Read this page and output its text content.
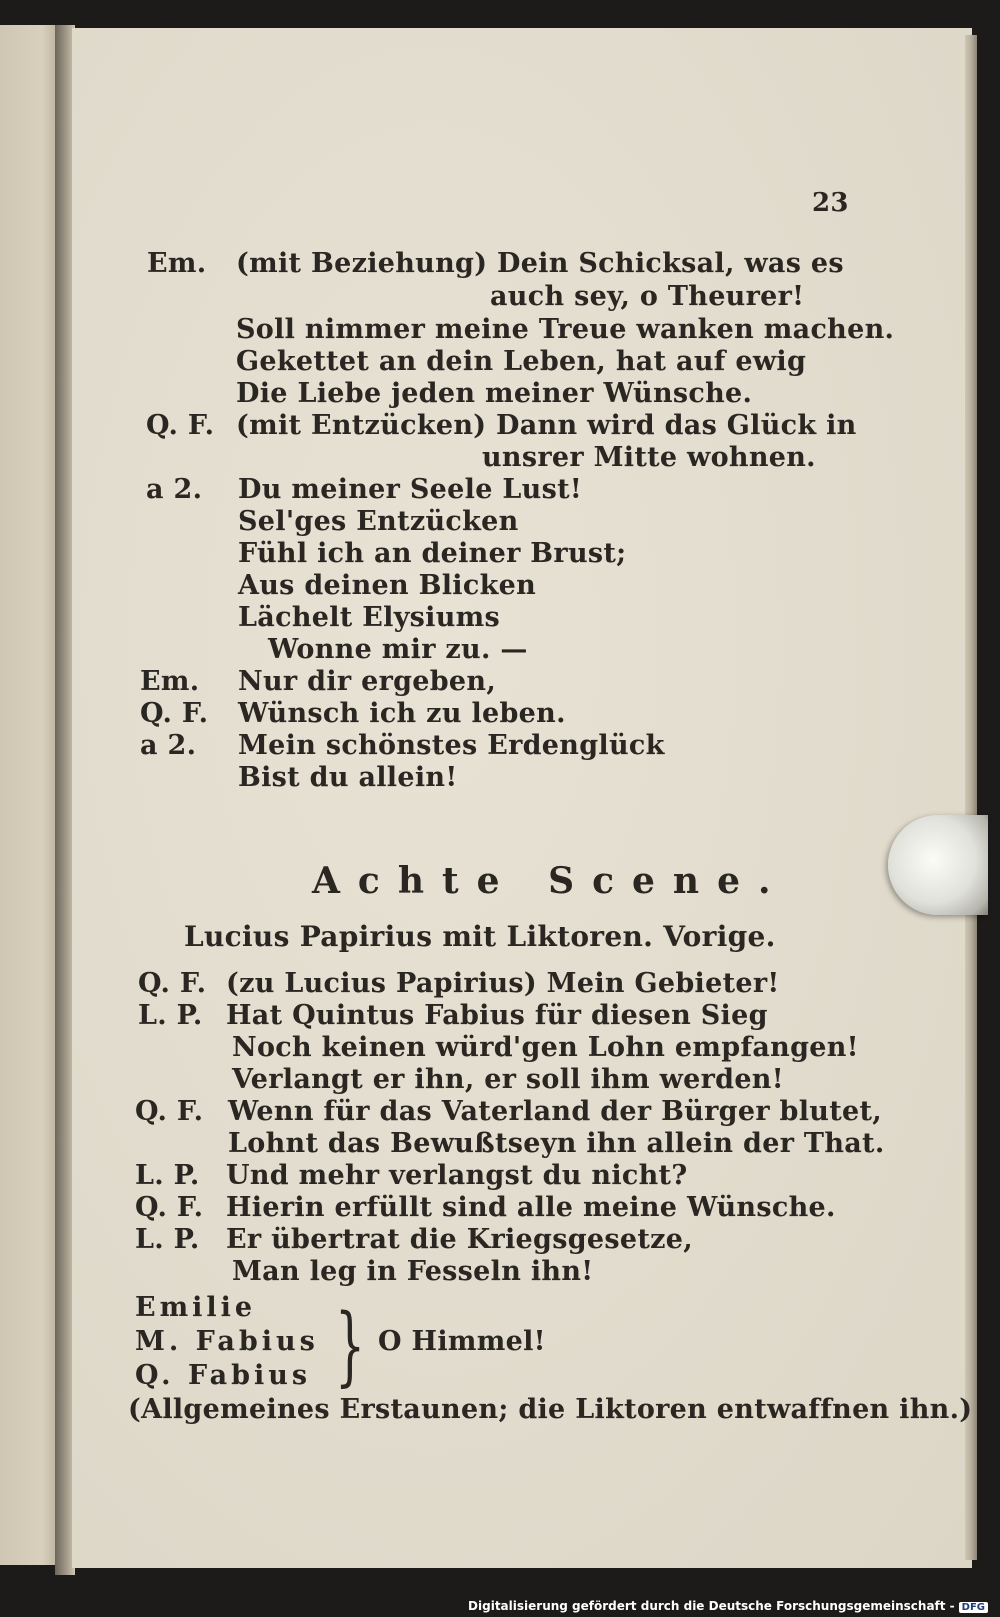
23
Em. (mit Beziehung) Dein Schicksal, was es
auch sey, o Theurer!
Soll nimmer meine Treue wanken machen.
Gekettet an dein Leben, hat auf ewig
Die Liebe jeden meiner Wünsche.
Q. F. (mit Entzücken) Dann wird das Glück in
unsrer Mitte wohnen.
a 2. Du meiner Seele Lust!
Sel'ges Entzücken
Fühl ich an deiner Brust;
Aus deinen Blicken
Lächelt Elysiums
Wonne mir zu. —
Em. Nur dir ergeben,
Q. F. Wünsch ich zu leben.
a 2. Mein schönstes Erdenglück
Bist du allein!
Achte Scene.
Lucius Papirius mit Liktoren. Vorige.
Q. F. (zu Lucius Papirius) Mein Gebieter!
L. P. Hat Quintus Fabius für diesen Sieg
Noch keinen würd'gen Lohn empfangen!
Verlangt er ihn, er soll ihm werden!
Q. F. Wenn für das Vaterland der Bürger blutet,
Lohnt das Bewußtseyn ihn allein der That.
L. P. Und mehr verlangst du nicht?
Q. F. Hierin erfüllt sind alle meine Wünsche.
L. P. Er übertrat die Kriegsgesetze,
Man leg in Fesseln ihn!
Emilie
M. Fabius
Q. Fabius } O Himmel!
(Allgemeines Erstaunen; die Liktoren entwaffnen ihn.)
Digitalisierung gefördert durch die Deutsche Forschungsgemeinschaft - DFG
